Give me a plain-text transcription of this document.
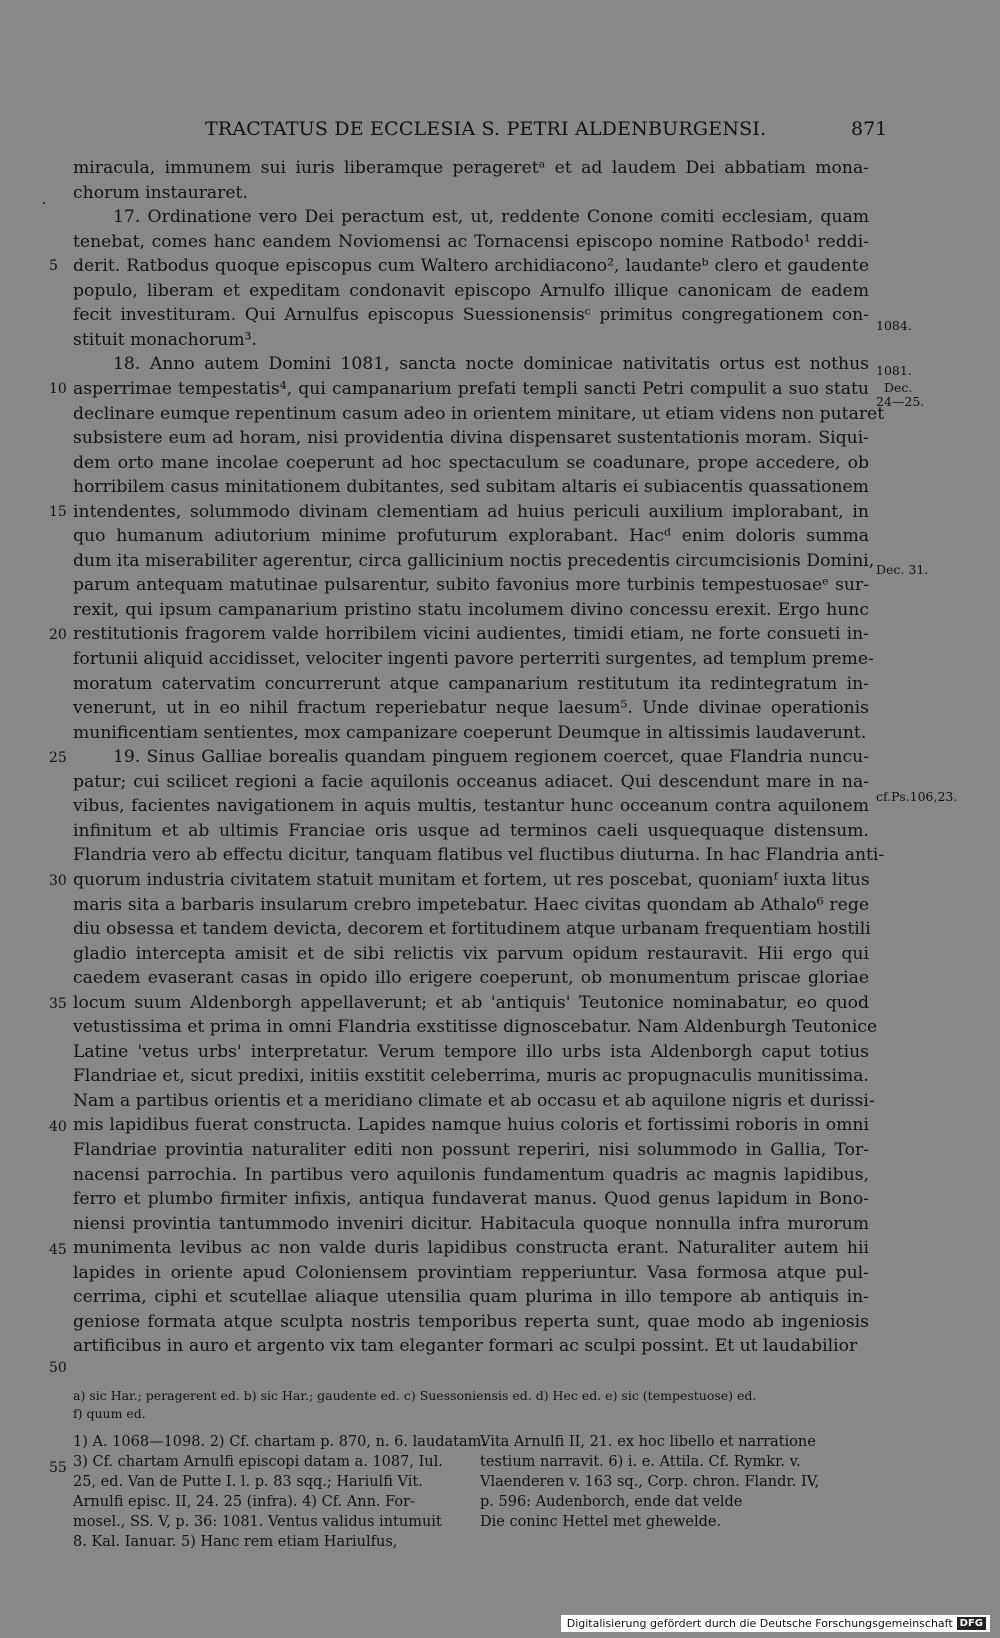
TRACTATUS DE ECCLESIA S. PETRI ALDENBURGENSI.	871
·
miracula, immunem sui iuris liberamque perageretᵃ et ad laudem Dei abbatiam mona-
chorum instauraret.
17. Ordinatione vero Dei peractum est, ut, reddente Conone comiti ecclesiam, quam
tenebat, comes hanc eandem Noviomensi ac Tornacensi episcopo nomine Ratbodo¹ reddi-
derit. Ratbodus quoque episcopus cum Waltero archidiacono², laudanteᵇ clero et gaudente
populo, liberam et expeditam condonavit episcopo Arnulfo illique canonicam de eadem
fecit investituram. Qui Arnulfus episcopus Suessionensisᶜ primitus congregationem con-
stituit monachorum³.
18. Anno autem Domini 1081, sancta nocte dominicae nativitatis ortus est nothus
asperrimae tempestatis⁴, qui campanarium prefati templi sancti Petri compulit a suo statu
declinare eumque repentinum casum adeo in orientem minitare, ut etiam videns non putaret
subsistere eum ad horam, nisi providentia divina dispensaret sustentationis moram. Siqui-
dem orto mane incolae coeperunt ad hoc spectaculum se coadunare, prope accedere, ob
horribilem casus minitationem dubitantes, sed subitam altaris ei subiacentis quassationem
intendentes, solummodo divinam clementiam ad huius periculi auxilium implorabant, in
quo humanum adiutorium minime profuturum explorabant. Hacᵈ enim doloris summa
dum ita miserabiliter agerentur, circa gallicinium noctis precedentis circumcisionis Domini,
parum antequam matutinae pulsarentur, subito favonius more turbinis tempestuosaeᵉ sur-
rexit, qui ipsum campanarium pristino statu incolumem divino concessu erexit. Ergo hunc
restitutionis fragorem valde horribilem vicini audientes, timidi etiam, ne forte consueti in-
fortunii aliquid accidisset, velociter ingenti pavore perterriti surgentes, ad templum preme-
moratum catervatim concurrerunt atque campanarium restitutum ita redintegratum in-
venerunt, ut in eo nihil fractum reperiebatur neque laesum⁵. Unde divinae operationis
munificentiam sentientes, mox campanizare coeperunt Deumque in altissimis laudaverunt.
19. Sinus Galliae borealis quandam pinguem regionem coercet, quae Flandria nuncu-
patur; cui scilicet regioni a facie aquilonis occeanus adiacet. Qui descendunt mare in na-
vibus, facientes navigationem in aquis multis, testantur hunc occeanum contra aquilonem
infinitum et ab ultimis Franciae oris usque ad terminos caeli usquequaque distensum.
Flandria vero ab effectu dicitur, tanquam flatibus vel fluctibus diuturna. In hac Flandria anti-
quorum industria civitatem statuit munitam et fortem, ut res poscebat, quoniamᶠ iuxta litus
maris sita a barbaris insularum crebro impetebatur. Haec civitas quondam ab Athalo⁶ rege
diu obsessa et tandem devicta, decorem et fortitudinem atque urbanam frequentiam hostili
gladio intercepta amisit et de sibi relictis vix parvum opidum restauravit. Hii ergo qui
caedem evaserant casas in opido illo erigere coeperunt, ob monumentum priscae gloriae
locum suum Aldenborgh appellaverunt; et ab 'antiquis' Teutonice nominabatur, eo quod
vetustissima et prima in omni Flandria exstitisse dignoscebatur. Nam Aldenburgh Teutonice
Latine 'vetus urbs' interpretatur. Verum tempore illo urbs ista Aldenborgh caput totius
Flandriae et, sicut predixi, initiis exstitit celeberrima, muris ac propugnaculis munitissima.
Nam a partibus orientis et a meridiano climate et ab occasu et ab aquilone nigris et durissi-
mis lapidibus fuerat constructa. Lapides namque huius coloris et fortissimi roboris in omni
Flandriae provintia naturaliter editi non possunt reperiri, nisi solummodo in Gallia, Tor-
nacensi parrochia. In partibus vero aquilonis fundamentum quadris ac magnis lapidibus,
ferro et plumbo firmiter infixis, antiqua fundaverat manus. Quod genus lapidum in Bono-
niensi provintia tantummodo inveniri dicitur. Habitacula quoque nonnulla infra murorum
munimenta levibus ac non valde duris lapidibus constructa erant. Naturaliter autem hii
lapides in oriente apud Coloniensem provintiam repperiuntur. Vasa formosa atque pul-
cerrima, ciphi et scutellae aliaque utensilia quam plurima in illo tempore ab antiquis in-
geniose formata atque sculpta nostris temporibus reperta sunt, quae modo ab ingeniosis
artificibus in auro et argento vix tam eleganter formari ac sculpi possint. Et ut laudabilior
5
10
15
20
25
30
35
40
45
50
55
1084.
1081.
Dec.
24—25.
Dec. 31.
cf.Ps.106,23.
a) sic Har.; peragerent ed. b) sic Har.; gaudente ed. c) Suessoniensis ed. d) Hec ed. e) sic (tempestuose) ed.
f) quum ed.
1) A. 1068—1098. 2) Cf. chartam p. 870, n. 6. laudatam.
3) Cf. chartam Arnulfi episcopi datam a. 1087, Iul.
25, ed. Van de Putte I. l. p. 83 sqq.; Hariulfi Vit.
Arnulfi episc. II, 24. 25 (infra). 4) Cf. Ann. For-
mosel., SS. V, p. 36: 1081. Ventus validus intumuit
8. Kal. Ianuar. 5) Hanc rem etiam Hariulfus,
Vita Arnulfi II, 21. ex hoc libello et narratione
testium narravit. 6) i. e. Attila. Cf. Rymkr. v.
Vlaenderen v. 163 sq., Corp. chron. Flandr. IV,
p. 596: Audenborch, ende dat velde
Die coninc Hettel met ghewelde.
Digitalisierung gefördert durch die Deutsche Forschungsgemeinschaft DFG
